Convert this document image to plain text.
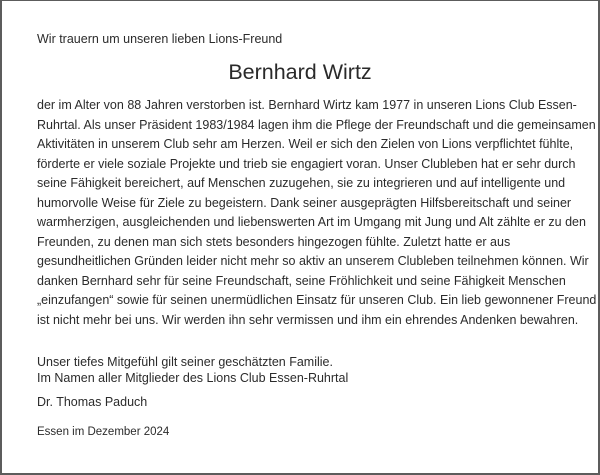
Wir trauern um unseren lieben Lions-Freund
Bernhard Wirtz
der im Alter von 88 Jahren verstorben ist. Bernhard Wirtz kam 1977 in unseren Lions Club Essen-
Ruhrtal. Als unser Präsident 1983/1984 lagen ihm die Pflege der Freundschaft und die gemeinsamen
Aktivitäten in unserem Club sehr am Herzen. Weil er sich den Zielen von Lions verpflichtet fühlte,
förderte er viele soziale Projekte und trieb sie engagiert voran. Unser Clubleben hat er sehr durch
seine Fähigkeit bereichert, auf Menschen zuzugehen, sie zu integrieren und auf intelligente und
humorvolle Weise für Ziele zu begeistern. Dank seiner ausgeprägten Hilfsbereitschaft und seiner
warmherzigen, ausgleichenden und liebenswerten Art im Umgang mit Jung und Alt zählte er zu den
Freunden, zu denen man sich stets besonders hingezogen fühlte. Zuletzt hatte er aus
gesundheitlichen Gründen leider nicht mehr so aktiv an unserem Clubleben teilnehmen können. Wir
danken Bernhard sehr für seine Freundschaft, seine Fröhlichkeit und seine Fähigkeit Menschen
„einzufangen“ sowie für seinen unermüdlichen Einsatz für unseren Club. Ein lieb gewonnener Freund
ist nicht mehr bei uns. Wir werden ihn sehr vermissen und ihm ein ehrendes Andenken bewahren.
Unser tiefes Mitgefühl gilt seiner geschätzten Familie.
Im Namen aller Mitglieder des Lions Club Essen-Ruhrtal
Dr. Thomas Paduch
Essen im Dezember 2024
